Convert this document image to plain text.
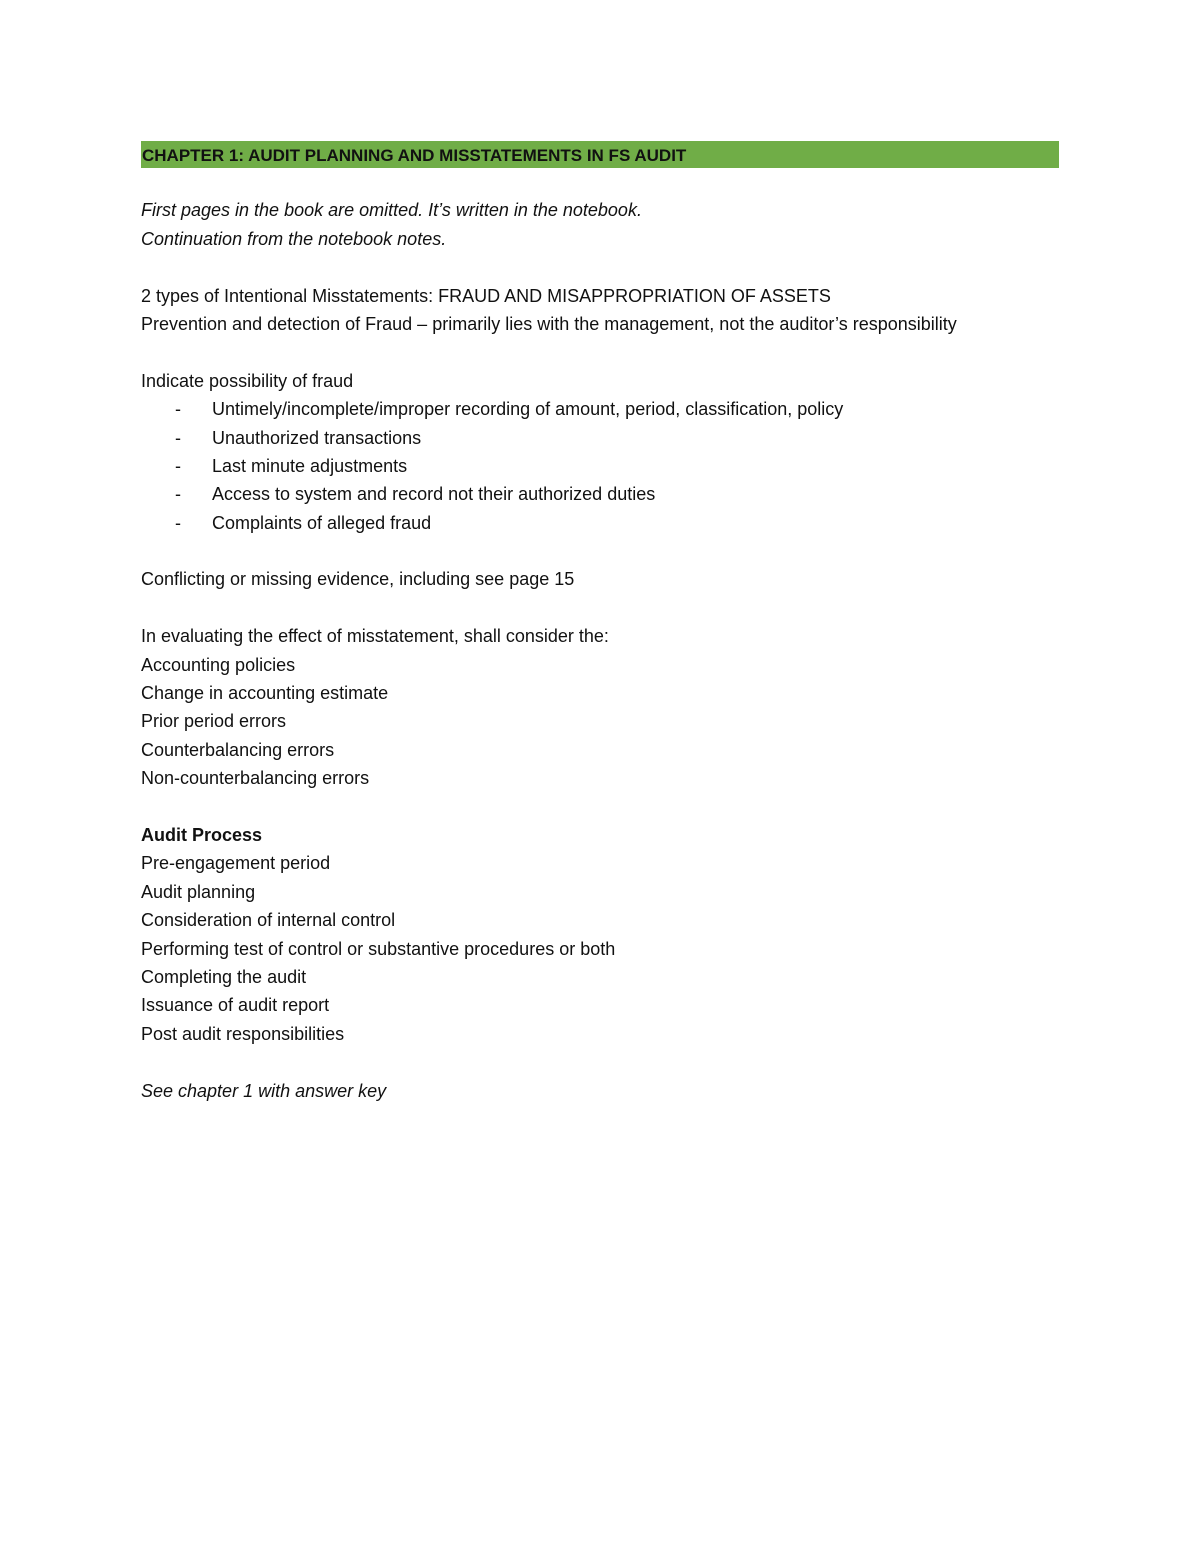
CHAPTER 1: AUDIT PLANNING AND MISSTATEMENTS IN FS AUDIT
First pages in the book are omitted. It’s written in the notebook.
Continuation from the notebook notes.
2 types of Intentional Misstatements: FRAUD AND MISAPPROPRIATION OF ASSETS
Prevention and detection of Fraud – primarily lies with the management, not the auditor’s responsibility
Indicate possibility of fraud
- Untimely/incomplete/improper recording of amount, period, classification, policy
- Unauthorized transactions
- Last minute adjustments
- Access to system and record not their authorized duties
- Complaints of alleged fraud
Conflicting or missing evidence, including see page 15
In evaluating the effect of misstatement, shall consider the:
Accounting policies
Change in accounting estimate
Prior period errors
Counterbalancing errors
Non-counterbalancing errors
Audit Process
Pre-engagement period
Audit planning
Consideration of internal control
Performing test of control or substantive procedures or both
Completing the audit
Issuance of audit report
Post audit responsibilities
See chapter 1 with answer key
